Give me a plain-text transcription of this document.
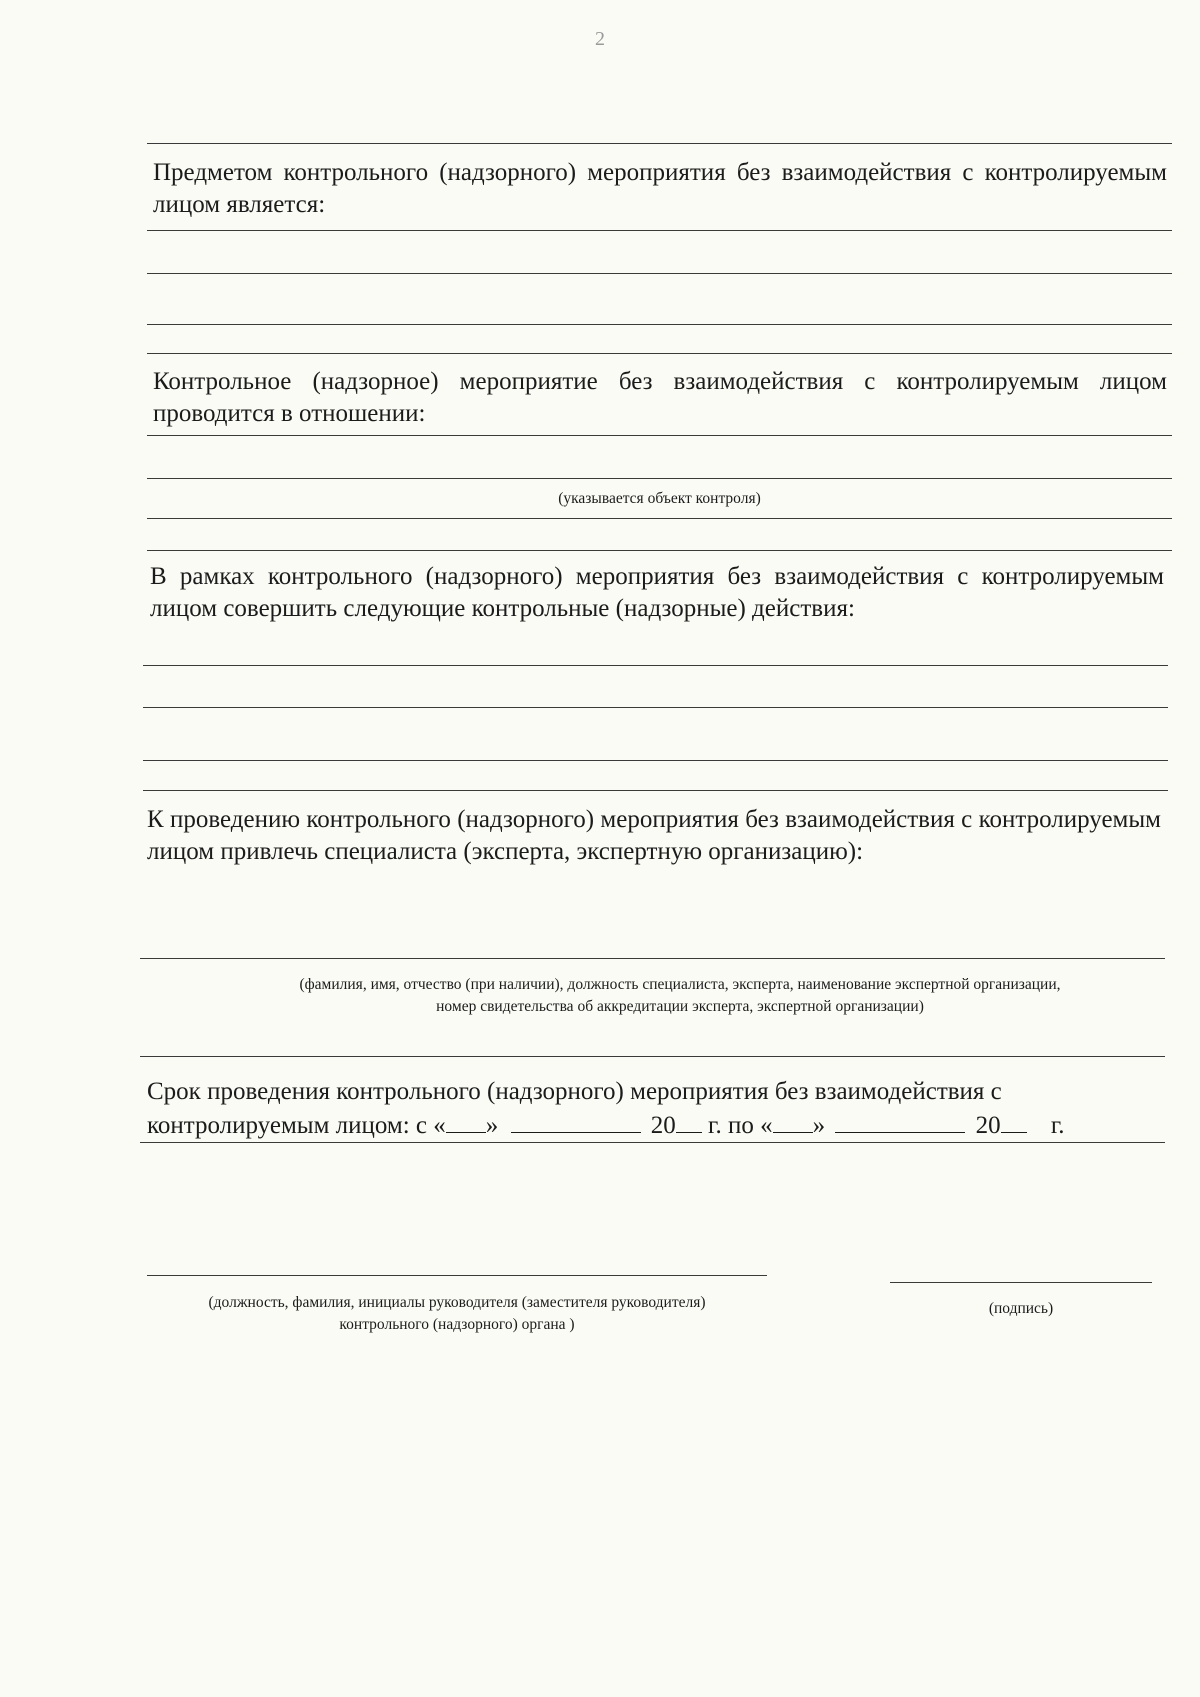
2

Предметом контрольного (надзорного) мероприятия без взаимодействия с контролируемым лицом является:

Контрольное (надзорное) мероприятие без взаимодействия с контролируемым лицом проводится в отношении:

(указывается объект контроля)

В рамках контрольного (надзорного) мероприятия без взаимодействия с контролируемым лицом совершить следующие контрольные (надзорные) действия:

К проведению контрольного (надзорного) мероприятия без взаимодействия с контролируемым лицом привлечь специалиста (эксперта, экспертную организацию):

(фамилия, имя, отчество (при наличии), должность специалиста, эксперта, наименование экспертной организации,
номер свидетельства об аккредитации эксперта, экспертной организации)

Срок проведения контрольного (надзорного) мероприятия без взаимодействия с
контролируемым лицом: с « »	20 г. по « »	20 г.

(должность, фамилия, инициалы руководителя (заместителя руководителя)
контрольного (надзорного) органа )

(подпись)
